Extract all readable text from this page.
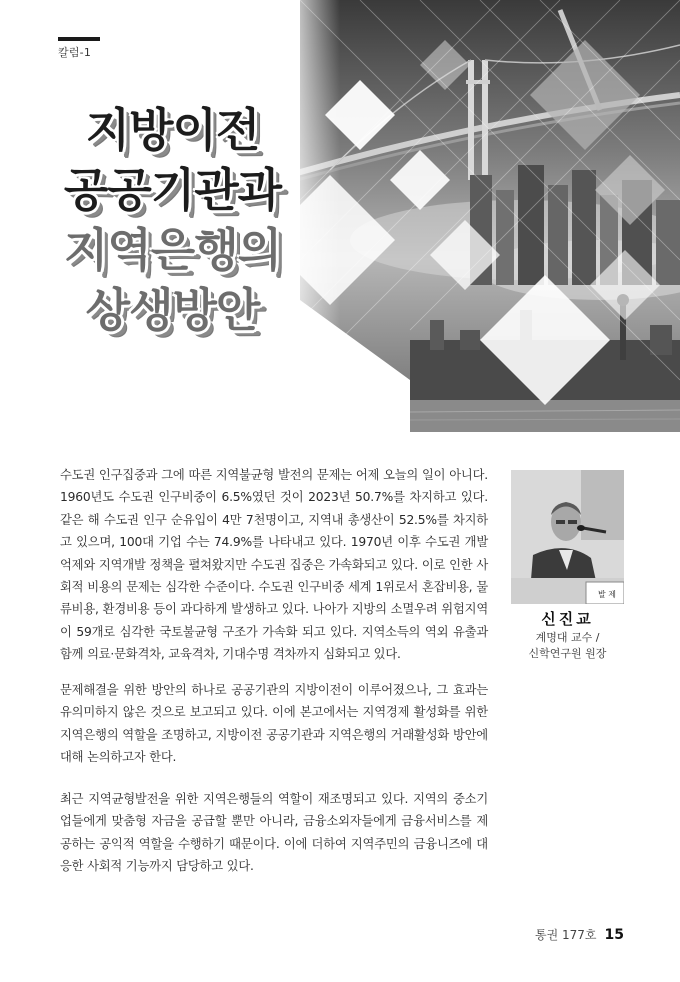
칼럼-1
지방이전
공공기관과
지역은행의
상생방안

수도권 인구집중과 그에 따른 지역불균형 발전의 문제는 어제 오늘의 일이 아니다. 1960년도 수도권 인구비중이 6.5%였던 것이 2023년 50.7%를 차지하고 있다. 같은 해 수도권 인구 순유입이 4만 7천명이고, 지역내 총생산이 52.5%를 차지하고 있으며, 100대 기업 수는 74.9%를 나타내고 있다. 1970년 이후 수도권 개발 억제와 지역개발 정책을 펼쳐왔지만 수도권 집중은 가속화되고 있다. 이로 인한 사회적 비용의 문제는 심각한 수준이다. 수도권 인구비중 세계 1위로서 혼잡비용, 물류비용, 환경비용 등이 과다하게 발생하고 있다. 나아가 지방의 소멸우려 위험지역이 59개로 심각한 국토불균형 구조가 가속화 되고 있다. 지역소득의 역외 유출과 함께 의료·문화격차, 교육격차, 기대수명 격차까지 심화되고 있다.

문제해결을 위한 방안의 하나로 공공기관의 지방이전이 이루어졌으나, 그 효과는 유의미하지 않은 것으로 보고되고 있다. 이에 본고에서는 지역경제 활성화를 위한 지역은행의 역할을 조명하고, 지방이전 공공기관과 지역은행의 거래활성화 방안에 대해 논의하고자 한다.

최근 지역균형발전을 위한 지역은행들의 역할이 재조명되고 있다. 지역의 중소기업들에게 맞춤형 자금을 공급할 뿐만 아니라, 금융소외자들에게 금융서비스를 제공하는 공익적 역할을 수행하기 때문이다. 이에 더하여 지역주민의 금융니즈에 대응한 사회적 기능까지 담당하고 있다.

발 제
신진교
계명대 교수 /
신학연구원 원장
통권 177호 15
